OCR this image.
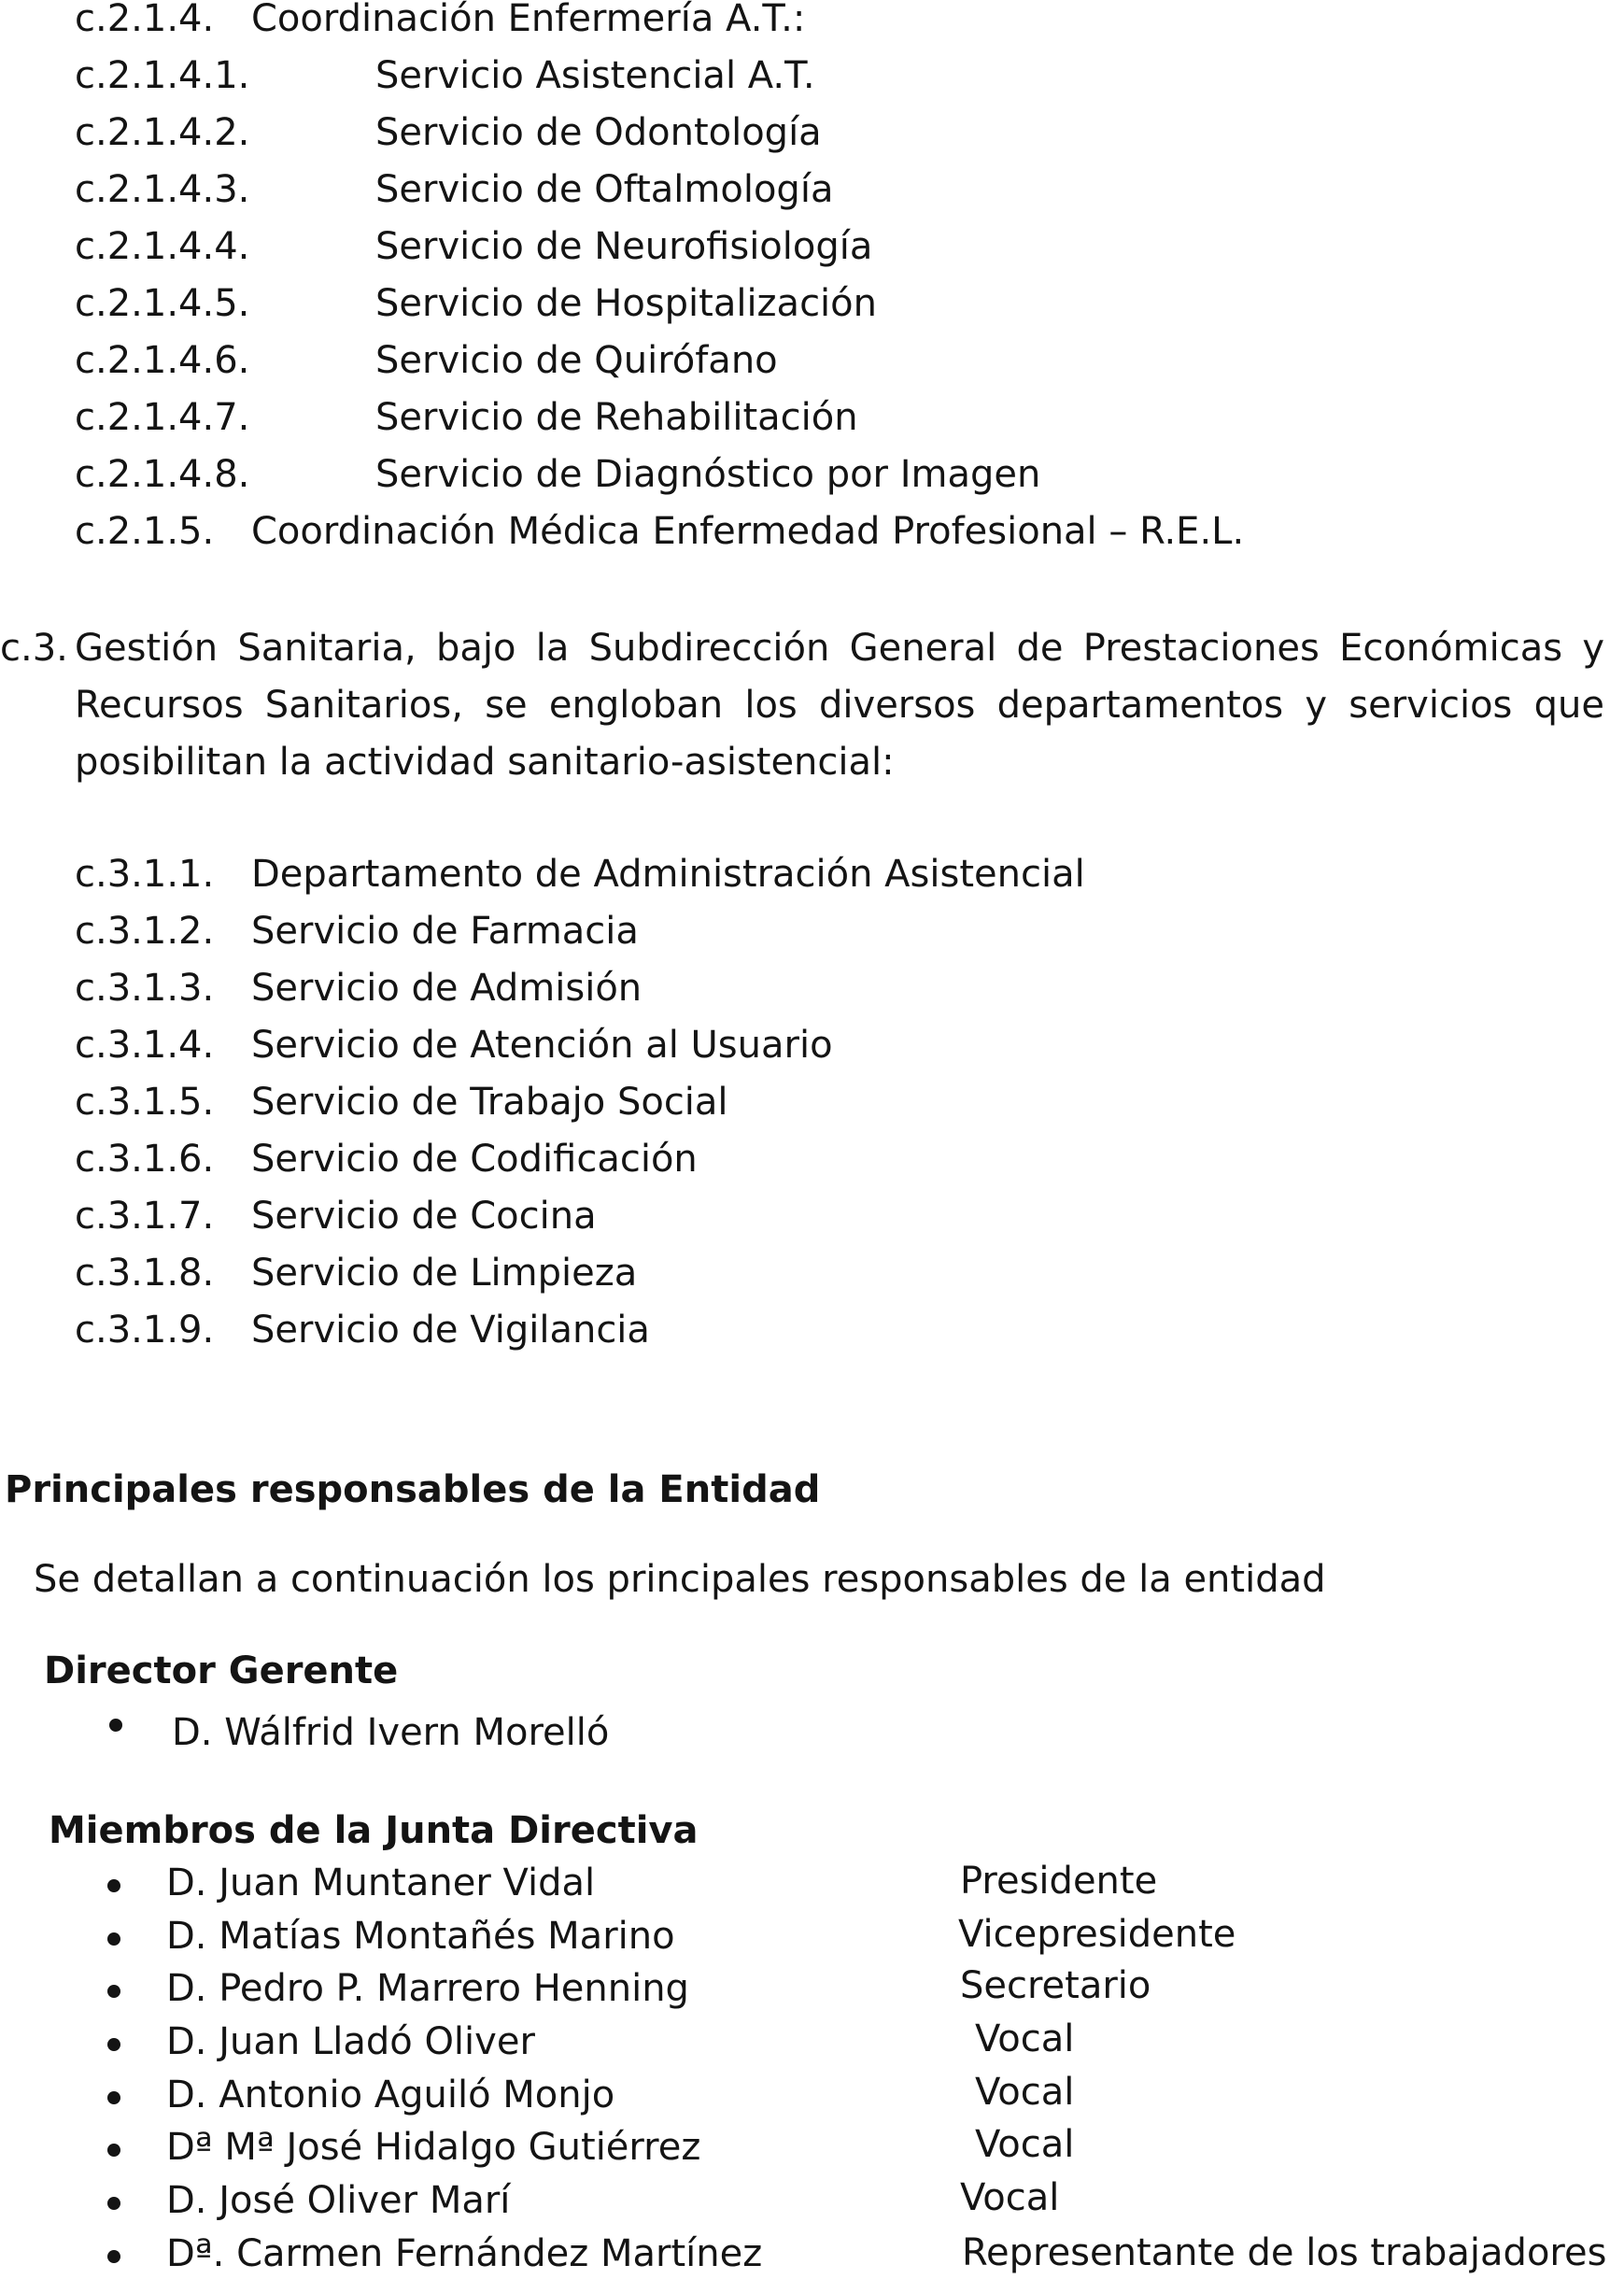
c.2.1.4. Coordinación Enfermería A.T.:
c.2.1.4.1.	Servicio Asistencial A.T.
c.2.1.4.2.	Servicio de Odontología
c.2.1.4.3.	Servicio de Oftalmología
c.2.1.4.4.	Servicio de Neurofisiología
c.2.1.4.5.	Servicio de Hospitalización
c.2.1.4.6.	Servicio de Quirófano
c.2.1.4.7.	Servicio de Rehabilitación
c.2.1.4.8.	Servicio de Diagnóstico por Imagen
c.2.1.5. Coordinación Médica Enfermedad Profesional – R.E.L.
c.3. Gestión Sanitaria, bajo la Subdirección General de Prestaciones Económicas y
Recursos Sanitarios, se engloban los diversos departamentos y servicios que
posibilitan la actividad sanitario-asistencial:
c.3.1.1. Departamento de Administración Asistencial
c.3.1.2. Servicio de Farmacia
c.3.1.3. Servicio de Admisión
c.3.1.4. Servicio de Atención al Usuario
c.3.1.5. Servicio de Trabajo Social
c.3.1.6. Servicio de Codificación
c.3.1.7. Servicio de Cocina
c.3.1.8. Servicio de Limpieza
c.3.1.9. Servicio de Vigilancia
Principales responsables de la Entidad
Se detallan a continuación los principales responsables de la entidad
Director Gerente
D. Wálfrid Ivern Morelló
Miembros de la Junta Directiva
D. Juan Muntaner Vidal	Presidente
D. Matías Montañés Marino	Vicepresidente
D. Pedro P. Marrero Henning	Secretario
D. Juan Lladó Oliver	Vocal
D. Antonio Aguiló Monjo	Vocal
Dª Mª José Hidalgo Gutiérrez	Vocal
D. José Oliver Marí	Vocal
Dª. Carmen Fernández Martínez	Representante de los trabajadores
